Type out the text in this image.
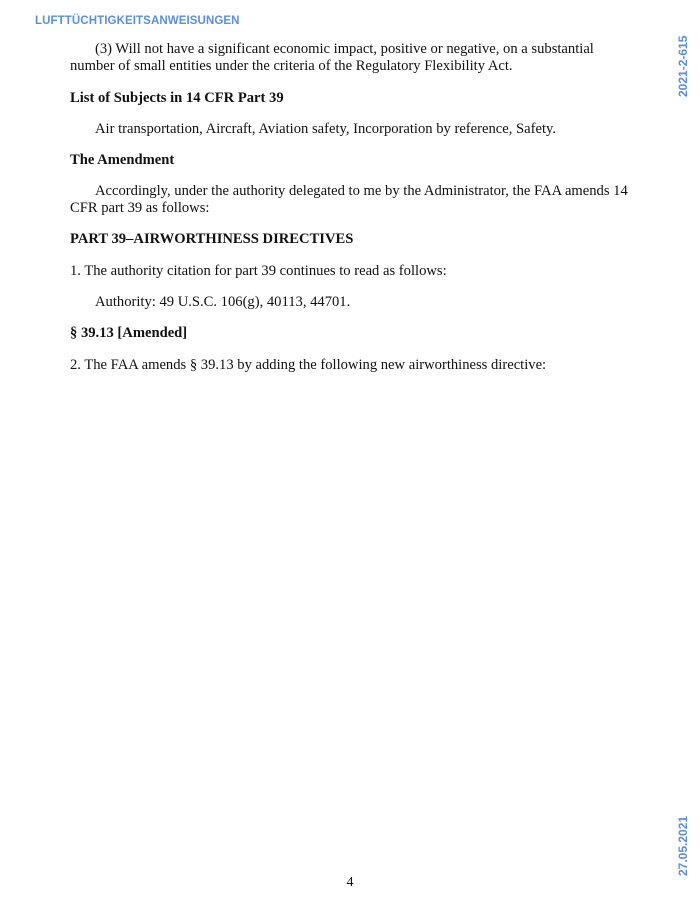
LUFTTÜCHTIGKEITSANWEISUNGEN
2021-2-615
27.05.2021

(3) Will not have a significant economic impact, positive or negative, on a substantial number of small entities under the criteria of the Regulatory Flexibility Act.

List of Subjects in 14 CFR Part 39

Air transportation, Aircraft, Aviation safety, Incorporation by reference, Safety.

The Amendment

Accordingly, under the authority delegated to me by the Administrator, the FAA amends 14 CFR part 39 as follows:

PART 39–AIRWORTHINESS DIRECTIVES

1. The authority citation for part 39 continues to read as follows:

Authority: 49 U.S.C. 106(g), 40113, 44701.

§ 39.13 [Amended]

2. The FAA amends § 39.13 by adding the following new airworthiness directive:

4
